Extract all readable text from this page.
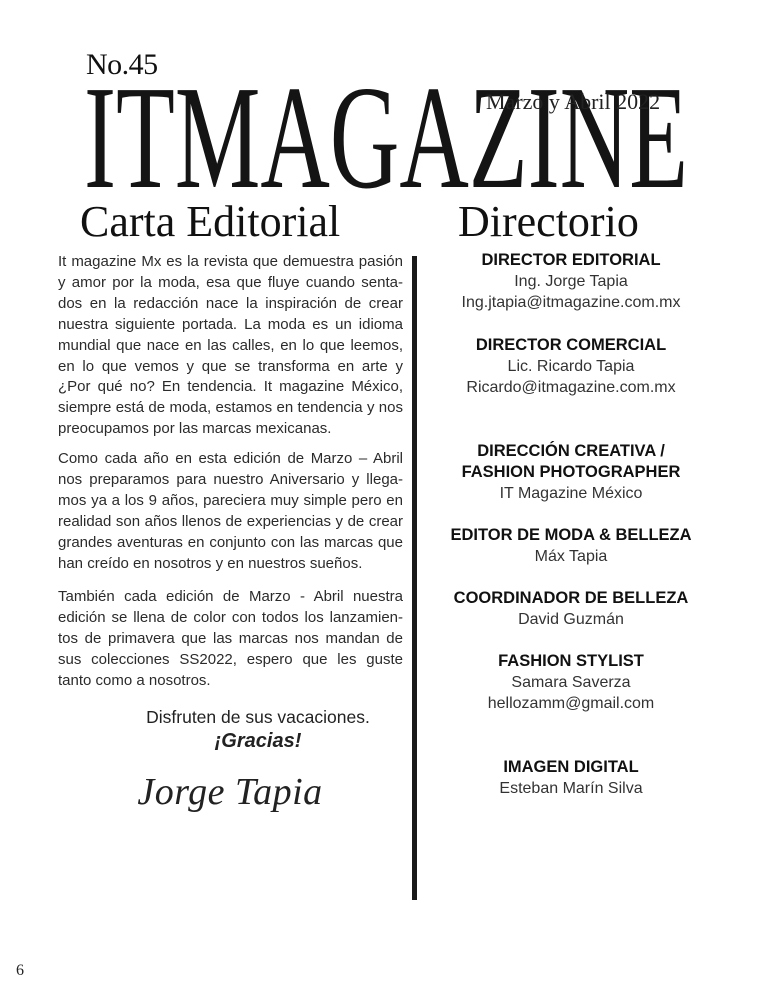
No.45
ITMAGAZINE
Marzo y Abril 2022
Carta Editorial	Directorio

It magazine Mx es la revista que demuestra pasión y amor por la moda, esa que fluye cuando senta-dos en la redacción nace la inspiración de crear nuestra siguiente portada. La moda es un idioma mundial que nace en las calles, en lo que leemos, en lo que vemos y que se transforma en arte y ¿Por qué no? En tendencia. It magazine México, siempre está de moda, estamos en tendencia y nos preocupamos por las marcas mexicanas.

Como cada año en esta edición de Marzo – Abril nos preparamos para nuestro Aniversario y llega-mos ya a los 9 años, pareciera muy simple pero en realidad son años llenos de experiencias y de crear grandes aventuras en conjunto con las marcas que han creído en nosotros y en nuestros sueños.

También cada edición de Marzo - Abril nuestra edición se llena de color con todos los lanzamien-tos de primavera que las marcas nos mandan de sus colecciones SS2022, espero que les guste tanto como a nosotros.

Disfruten de sus vacaciones.
¡Gracias!
Jorge Tapia
DIRECTOR EDITORIAL
Ing. Jorge Tapia
Ing.jtapia@itmagazine.com.mx
DIRECTOR COMERCIAL
Lic. Ricardo Tapia
Ricardo@itmagazine.com.mx
DIRECCIÓN CREATIVA /
FASHION PHOTOGRAPHER
IT Magazine México
EDITOR DE MODA & BELLEZA
Máx Tapia
COORDINADOR DE BELLEZA
David Guzmán
FASHION STYLIST
Samara Saverza
hellozamm@gmail.com
IMAGEN DIGITAL
Esteban Marín Silva
6
